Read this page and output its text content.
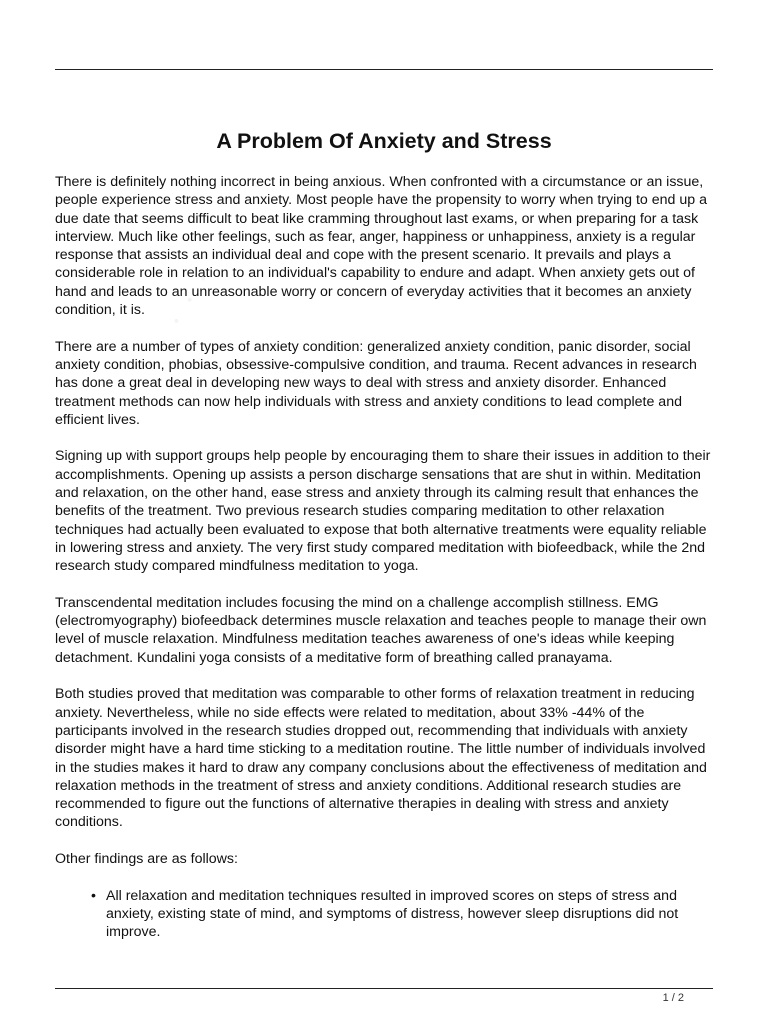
· · · · · · · ·
A Problem Of Anxiety and Stress

There is definitely nothing incorrect in being anxious. When confronted with a circumstance or an issue, people experience stress and anxiety. Most people have the propensity to worry when trying to end up a due date that seems difficult to beat like cramming throughout last exams, or when preparing for a task interview. Much like other feelings, such as fear, anger, happiness or unhappiness, anxiety is a regular response that assists an individual deal and cope with the present scenario. It prevails and plays a considerable role in relation to an individual's capability to endure and adapt. When anxiety gets out of hand and leads to an unreasonable worry or concern of everyday activities that it becomes an anxiety condition, it is.

There are a number of types of anxiety condition: generalized anxiety condition, panic disorder, social anxiety condition, phobias, obsessive-compulsive condition, and trauma. Recent advances in research has done a great deal in developing new ways to deal with stress and anxiety disorder. Enhanced treatment methods can now help individuals with stress and anxiety conditions to lead complete and efficient lives.

Signing up with support groups help people by encouraging them to share their issues in addition to their accomplishments. Opening up assists a person discharge sensations that are shut in within. Meditation and relaxation, on the other hand, ease stress and anxiety through its calming result that enhances the benefits of the treatment. Two previous research studies comparing meditation to other relaxation techniques had actually been evaluated to expose that both alternative treatments were equality reliable in lowering stress and anxiety. The very first study compared meditation with biofeedback, while the 2nd research study compared mindfulness meditation to yoga.

Transcendental meditation includes focusing the mind on a challenge accomplish stillness. EMG (electromyography) biofeedback determines muscle relaxation and teaches people to manage their own level of muscle relaxation. Mindfulness meditation teaches awareness of one's ideas while keeping detachment. Kundalini yoga consists of a meditative form of breathing called pranayama.

Both studies proved that meditation was comparable to other forms of relaxation treatment in reducing anxiety. Nevertheless, while no side effects were related to meditation, about 33% -44% of the participants involved in the research studies dropped out, recommending that individuals with anxiety disorder might have a hard time sticking to a meditation routine. The little number of individuals involved in the studies makes it hard to draw any company conclusions about the effectiveness of meditation and relaxation methods in the treatment of stress and anxiety conditions. Additional research studies are recommended to figure out the functions of alternative therapies in dealing with stress and anxiety conditions.

Other findings are as follows:

• All relaxation and meditation techniques resulted in improved scores on steps of stress and anxiety, existing state of mind, and symptoms of distress, however sleep disruptions did not improve.
1 / 2
